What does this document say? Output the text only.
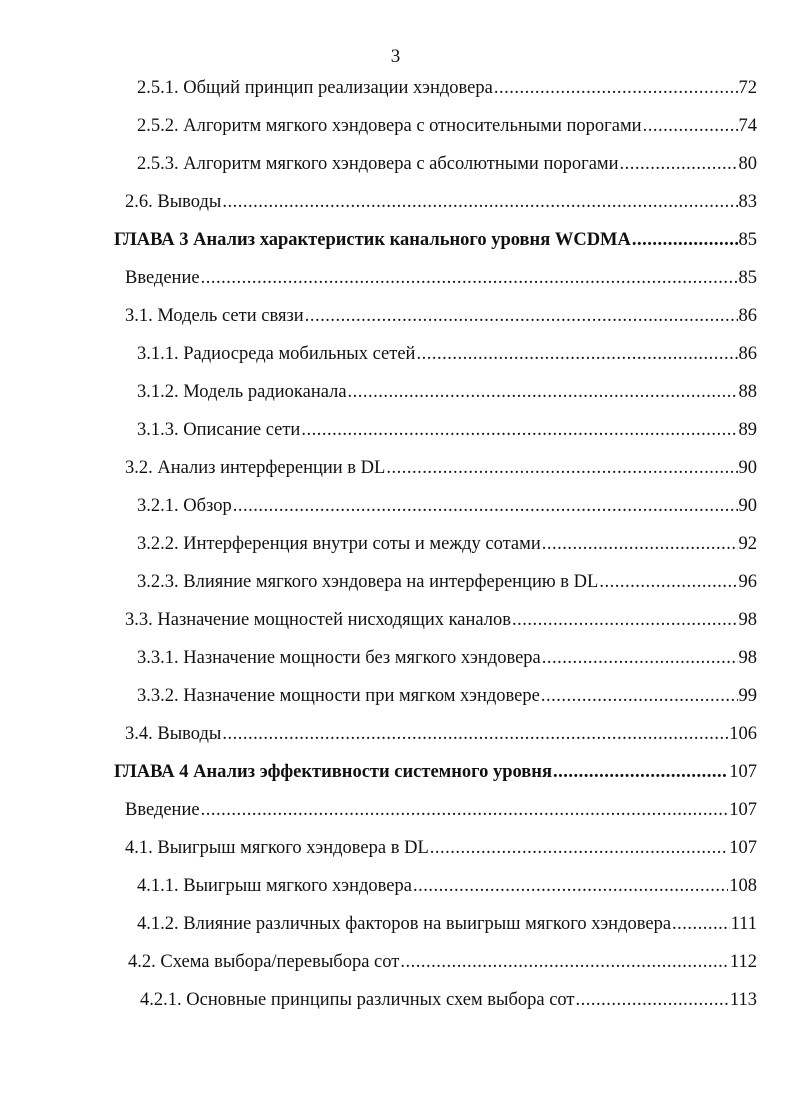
3
2.5.1. Общий принцип реализации хэндовера .....	72
2.5.2. Алгоритм мягкого хэндовера с относительными порогами .....	74
2.5.3. Алгоритм мягкого хэндовера с абсолютными порогами .....	80
2.6. Выводы .....	83
ГЛАВА 3 Анализ характеристик канального уровня WCDMA .....	85
Введение .....	85
3.1. Модель сети связи .....	86
3.1.1. Радиосреда мобильных сетей .....	86
3.1.2. Модель радиоканала .....	88
3.1.3. Описание сети .....	89
3.2. Анализ интерференции в DL .....	90
3.2.1. Обзор .....	90
3.2.2. Интерференция внутри соты и между сотами .....	92
3.2.3. Влияние мягкого хэндовера на интерференцию в DL .....	96
3.3. Назначение мощностей нисходящих каналов .....	98
3.3.1. Назначение мощности без мягкого хэндовера .....	98
3.3.2. Назначение мощности при мягком хэндовере .....	99
3.4. Выводы .....	106
ГЛАВА 4 Анализ эффективности системного уровня .....	107
Введение .....	107
4.1. Выигрыш мягкого хэндовера в DL .....	107
4.1.1. Выигрыш мягкого хэндовера .....	108
4.1.2. Влияние различных факторов на выигрыш мягкого хэндовера .....	111
4.2. Схема выбора/перевыбора сот .....	112
4.2.1. Основные принципы различных схем выбора сот .....	113
